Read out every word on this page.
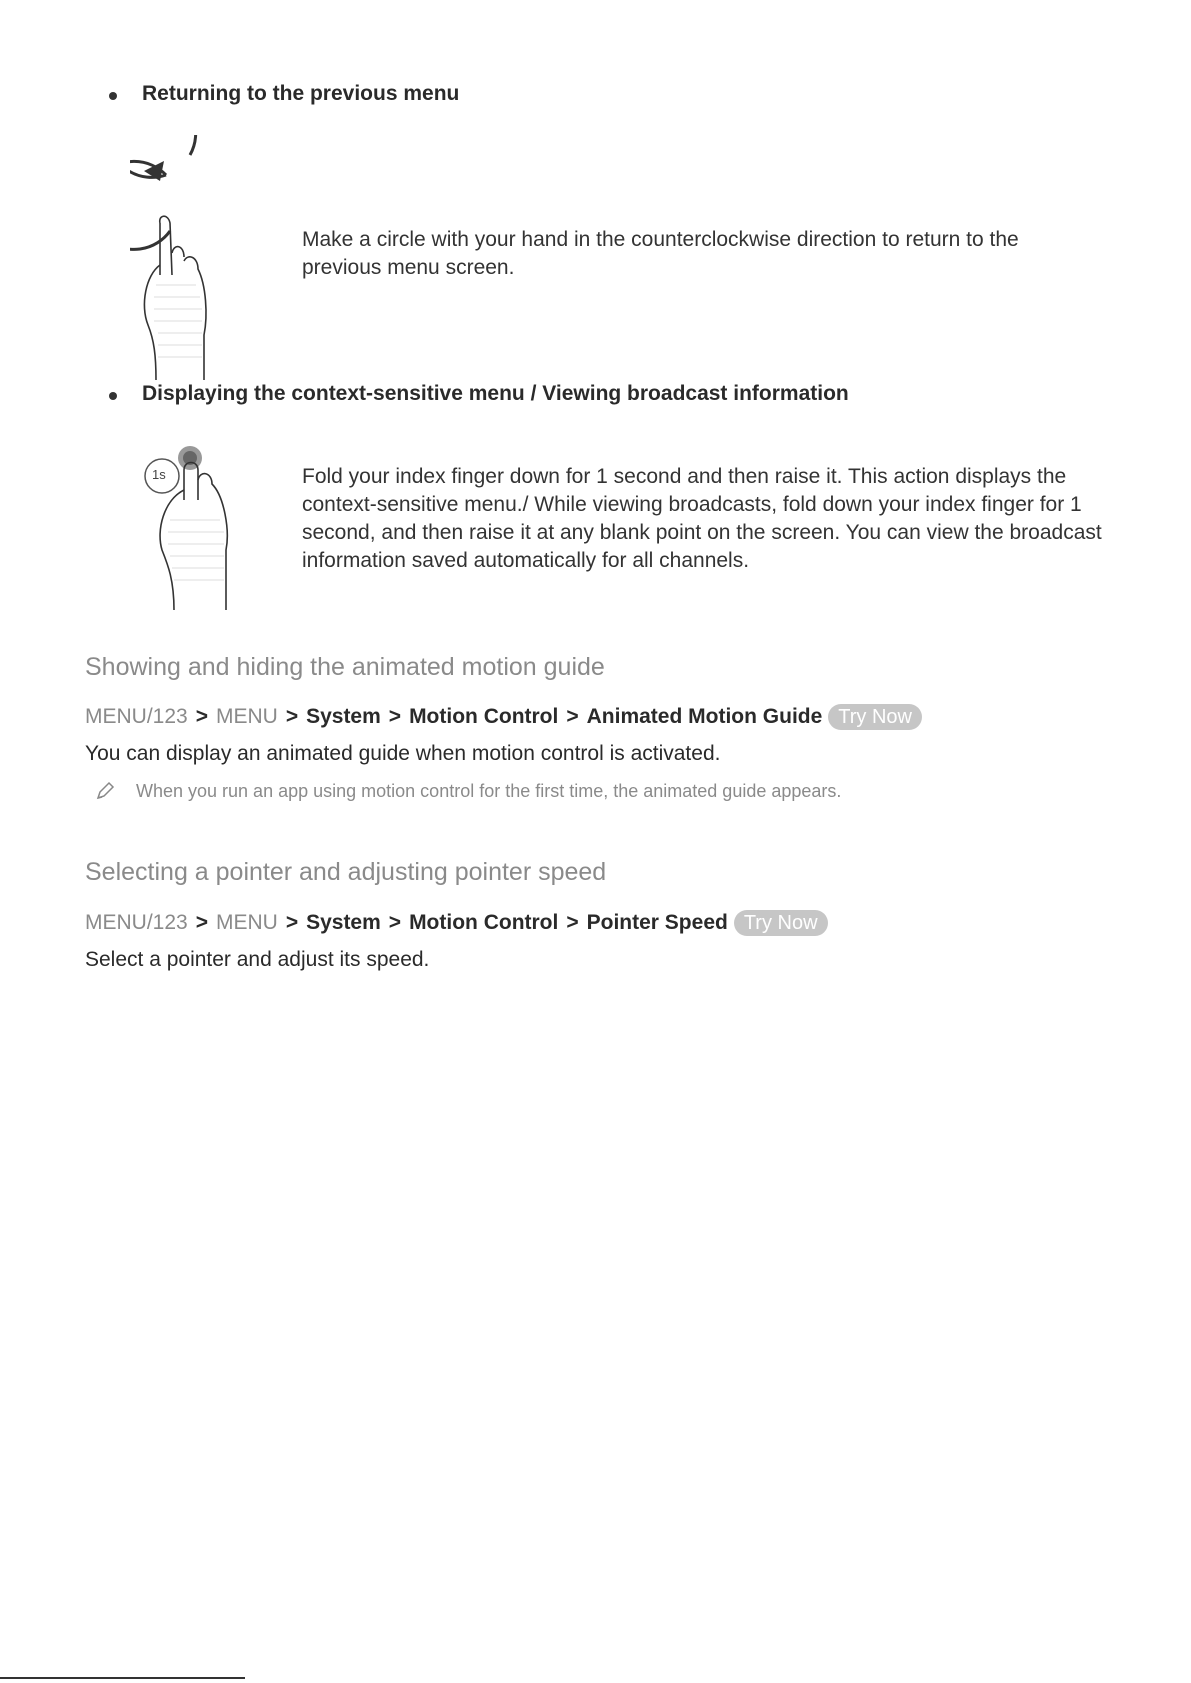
Returning to the previous menu
Make a circle with your hand in the counterclockwise direction to return to the previous menu screen.
Displaying the context-sensitive menu / Viewing broadcast information
1s	Fold your index finger down for 1 second and then raise it. This action displays the context-sensitive menu./ While viewing broadcasts, fold down your index finger for 1 second, and then raise it at any blank point on the screen. You can view the broadcast information saved automatically for all channels.
Showing and hiding the animated motion guide
MENU/123 > MENU > System > Motion Control > Animated Motion Guide Try Now
You can display an animated guide when motion control is activated.
When you run an app using motion control for the first time, the animated guide appears.
Selecting a pointer and adjusting pointer speed
MENU/123 > MENU > System > Motion Control > Pointer Speed Try Now
Select a pointer and adjust its speed.
